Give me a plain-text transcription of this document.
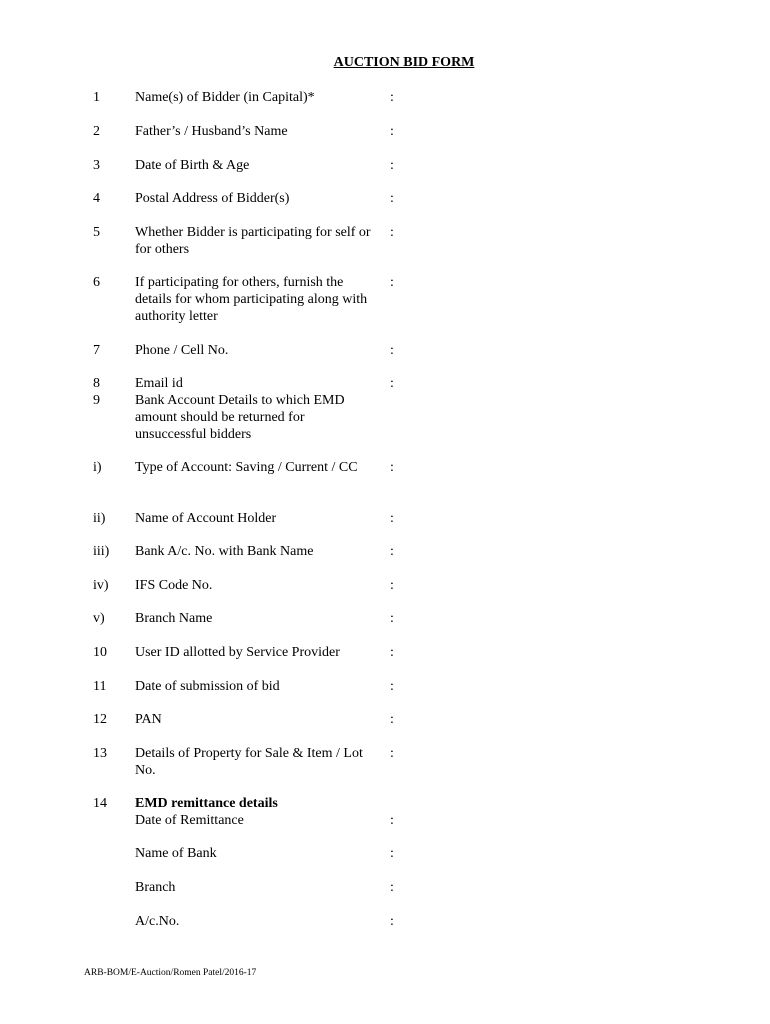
AUCTION BID FORM
1	Name(s) of Bidder (in Capital)*	:
2	Father’s / Husband’s Name	:
3	Date of Birth & Age	:
4	Postal Address of Bidder(s)	:
5	Whether Bidder is participating for self or for others
:
6	If participating for others, furnish the details for whom participating along with authority letter
:
7	Phone / Cell No.	:
8	Email id	:
9	Bank Account Details to which EMD amount should be returned for unsuccessful bidders
i) Type of Account: Saving / Current / CC	:
ii) Name of Account Holder	:
iii) Bank A/c. No. with Bank Name	:
iv) IFS Code No.	:
v) Branch Name	:
10 User ID allotted by Service Provider	:
11 Date of submission of bid	:
12 PAN	:
13 Details of Property for Sale & Item / Lot No.
:
14 EMD remittance details
Date of Remittance	:
Name of Bank	:
Branch	:
A/c.No.	:
ARB-BOM/E-Auction/Romen Patel/2016-17
